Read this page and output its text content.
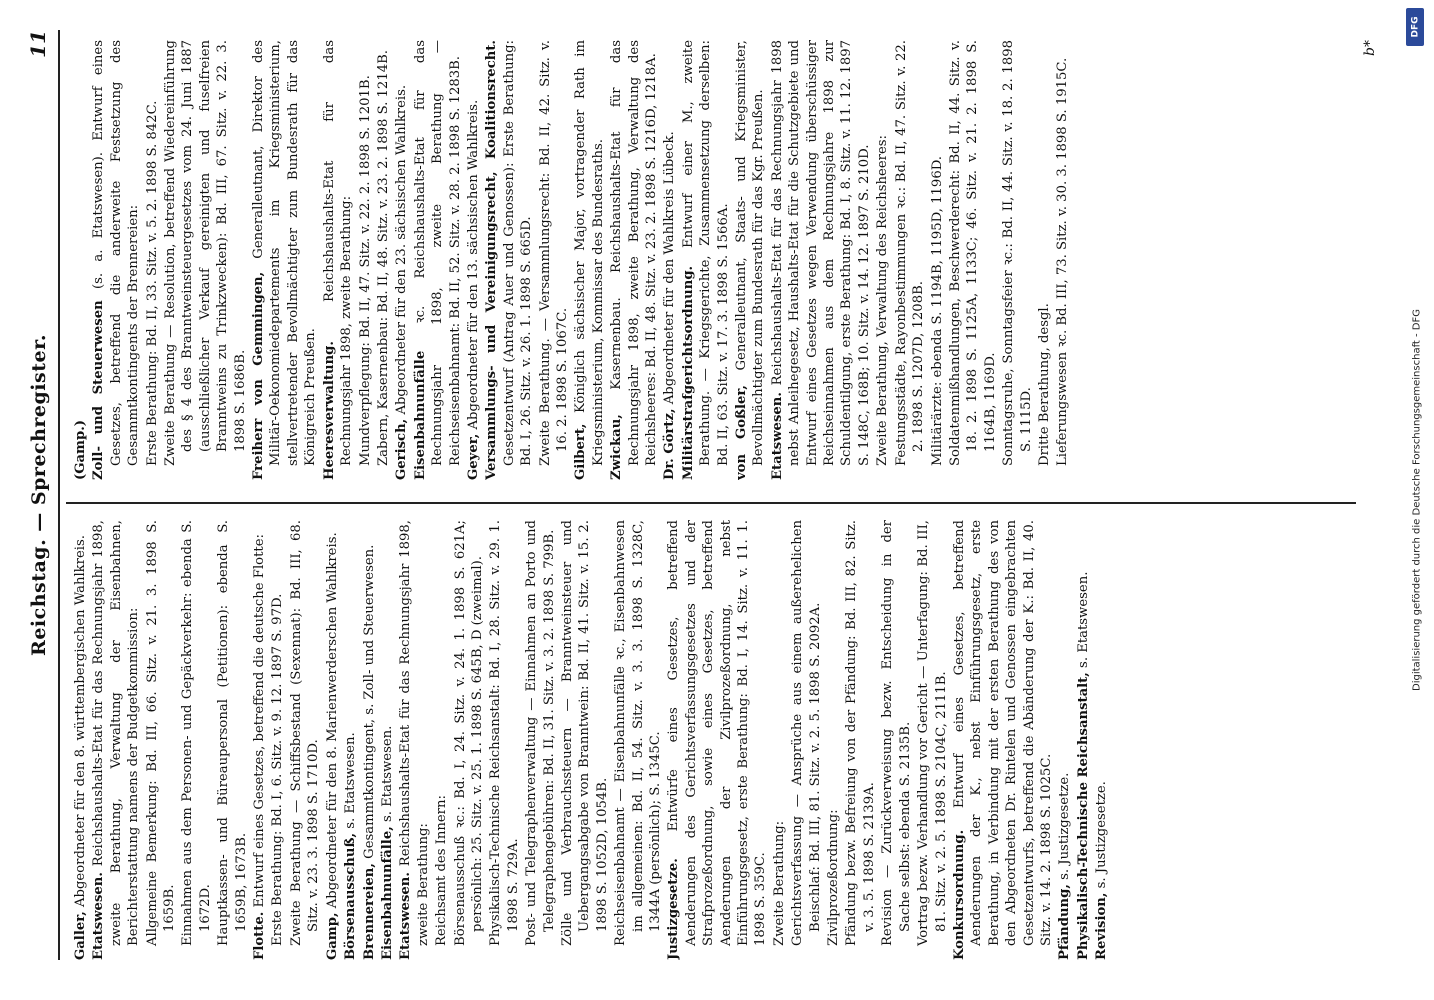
Reichstag. — Sprechregister.
11

Galler, Abgeordneter für den 8. württembergischen Wahlkreis.

Etatswesen. Reichshaushalts-Etat für das Rechnungsjahr 1898, zweite Berathung, Verwaltung der Eisenbahnen, Berichterstattung namens der Budgetkommission: Allgemeine Bemerkung: Bd. III, 66. Sitz. v. 21. 3. 1898 S. 1659B. Einnahmen aus dem Personen- und Gepäckverkehr: ebenda S. 1672D. Hauptkassen- und Büreaupersonal (Petitionen): ebenda S. 1659B, 1673B.

Flotte. Entwurf eines Gesetzes, betreffend die deutsche Flotte: Erste Berathung: Bd. I, 6. Sitz. v. 9. 12. 1897 S. 97D. Zweite Berathung — Schiffsbestand (Sexennat): Bd. III, 68. Sitz. v. 23. 3. 1898 S. 1710D.

Gamp, Abgeordneter für den 8. Marienwerderschen Wahlkreis. Börsenausschuß, s. Etatswesen.

Brennereien, Gesammtkontingent, s. Zoll- und Steuerwesen.

Eisenbahnunfälle, s. Etatswesen.

Etatswesen. Reichshaushalts-Etat für das Rechnungsjahr 1898, zweite Berathung: Reichsamt des Innern: Börsenausschuß ꝛc.: Bd. I, 24. Sitz. v. 24. 1. 1898 S. 621A; persönlich: 25. Sitz. v. 25. 1. 1898 S. 645B, D (zweimal). Physikalisch-Technische Reichsanstalt: Bd. I, 28. Sitz. v. 29. 1. 1898 S. 729A. Post- und Telegraphenverwaltung — Einnahmen an Porto und Telegraphengebühren: Bd. II, 31. Sitz. v. 3. 2. 1898 S. 799B. Zölle und Verbrauchssteuern — Branntweinsteuer und Uebergangsabgabe von Branntwein: Bd. II, 41. Sitz. v. 15. 2. 1898 S. 1052D, 1054B. Reichseisenbahnamt — Eisenbahnunfälle ꝛc., Eisenbahnwesen im allgemeinen: Bd. II, 54. Sitz. v. 3. 3. 1898 S. 1328C, 1344A (persönlich); S. 1345C. Justizgesetze. Entwürfe eines Gesetzes, betreffend Aenderungen des Gerichtsverfassungsgesetzes und der Strafprozeßordnung, sowie eines Gesetzes, betreffend Aenderungen der Zivilprozeßordnung, nebst Einführungsgesetz, erste Berathung: Bd. I, 14. Sitz. v. 11. 1. 1898 S. 359C. Zweite Berathung: Gerichtsverfassung — Ansprüche aus einem außerehelichen Beischlaf: Bd. III, 81. Sitz. v. 2. 5. 1898 S. 2092A. Zivilprozeßordnung: Pfändung bezw. Befreiung von der Pfändung: Bd. III, 82. Sitz. v. 3. 5. 1898 S. 2139A. Revision — Zurückverweisung bezw. Entscheidung in der Sache selbst: ebenda S. 2135B. Vortrag bezw. Verhandlung vor Gericht — Unterfagung: Bd. III, 81. Sitz. v. 2. 5. 1898 S. 2104C, 2111B. Konkursordnung. Entwurf eines Gesetzes, betreffend Aenderungen der K., nebst Einführungsgesetz, erste Berathung, in Verbindung mit der ersten Berathung des von den Abgeordneten Dr. Rintelen und Genossen eingebrachten Gesetzentwurfs, betreffend die Abänderung der K.: Bd. II, 40. Sitz. v. 14. 2. 1898 S. 1025C. Pfändung, s. Justizgesetze. Physikalisch-Technische Reichsanstalt, s. Etatswesen.

Revision, s. Justizgesetze.

(Gamp.) Zoll- und Steuerwesen (s. a. Etatswesen). Entwurf eines Gesetzes, betreffend die anderweite Festsetzung des Gesammtkontingents der Brennereien: Erste Berathung: Bd. II, 33. Sitz. v. 5. 2. 1898 S. 842C. Zweite Berathung — Resolution, betreffend Wiedereinführung des § 4 des Branntweinsteuergesetzes vom 24. Juni 1887 (ausschließlicher Verkauf gereinigten und fuselfreien Branntweins zu Trinkzwecken): Bd. III, 67. Sitz. v. 22. 3. 1898 S. 1686B. Freiherr von Gemmingen, Generalleutnant, Direktor des Militär-Oekonomiedepartements im Kriegsministerium, stellvertretender Bevollmächtigter zum Bundesrath für das Königreich Preußen. Heeresverwaltung. Reichshaushalts-Etat für das Rechnungsjahr 1898, zweite Berathung: Mundverpflegung: Bd. II, 47. Sitz. v. 22. 2. 1898 S. 1201B. Zabern, Kasernenbau: Bd. II, 48. Sitz. v. 23. 2. 1898 S. 1214B. Gerisch, Abgeordneter für den 23. sächsischen Wahlkreis. Eisenbahnunfälle ꝛc. Reichshaushalts-Etat für das Rechnungsjahr 1898, zweite Berathung — Reichseisenbahnamt: Bd. II, 52. Sitz. v. 28. 2. 1898 S. 1283B. Geyer, Abgeordneter für den 13. sächsischen Wahlkreis. Versammlungs- und Vereinigungsrecht, Koalitionsrecht. Gesetzentwurf (Antrag Auer und Genossen): Erste Berathung: Bd. I, 26. Sitz. v. 26. 1. 1898 S. 665D. Zweite Berathung. — Versammlungsrecht: Bd. II, 42. Sitz. v. 16. 2. 1898 S. 1067C. Gilbert, Königlich sächsischer Major, vortragender Rath im Kriegsministerium, Kommissar des Bundesraths. Zwickau, Kasernenbau. Reichshaushalts-Etat für das Rechnungsjahr 1898, zweite Berathung, Verwaltung des Reichsheeres: Bd. II, 48. Sitz. v. 23. 2. 1898 S. 1216D, 1218A. Dr. Görtz, Abgeordneter für den Wahlkreis Lübeck. Militärstrafgerichtsordnung. Entwurf einer M., zweite Berathung. — Kriegsgerichte, Zusammensetzung derselben: Bd. II, 63. Sitz. v. 17. 3. 1898 S. 1566A. von Goßler, Generalleutnant, Staats- und Kriegsminister, Bevollmächtigter zum Bundesrath für das Kgr. Preußen. Etatswesen. Reichshaushalts-Etat für das Rechnungsjahr 1898 nebst Anleihegesetz, Haushalts-Etat für die Schutzgebiete und Entwurf eines Gesetzes wegen Verwendung überschüssiger Reichseinnahmen aus dem Rechnungsjahre 1898 zur Schuldentilgung, erste Berathung: Bd. I, 8. Sitz. v. 11. 12. 1897 S. 148C, 168B; 10. Sitz. v. 14. 12. 1897 S. 210D. Zweite Berathung, Verwaltung des Reichsheeres: Festungsstädte, Rayonbestimmungen ꝛc.: Bd. II, 47. Sitz. v. 22. 2. 1898 S. 1207D, 1208B. Militärärzte: ebenda S. 1194B, 1195D, 1196D. Soldatenmißhandlungen, Beschwerderecht: Bd. II, 44. Sitz. v. 18. 2. 1898 S. 1125A, 1133C; 46. Sitz. v. 21. 2. 1898 S. 1164B, 1169D. Sonntagsruhe, Sonntagsfeier ꝛc.: Bd. II, 44. Sitz. v. 18. 2. 1898 S. 1115D. Dritte Berathung, desgl. Lieferungswesen ꝛc. Bd. III, 73. Sitz. v. 30. 3. 1898 S. 1915C.

b*
DFG
Digitalisierung gefördert durch die Deutsche Forschungsgemeinschaft - DFG
